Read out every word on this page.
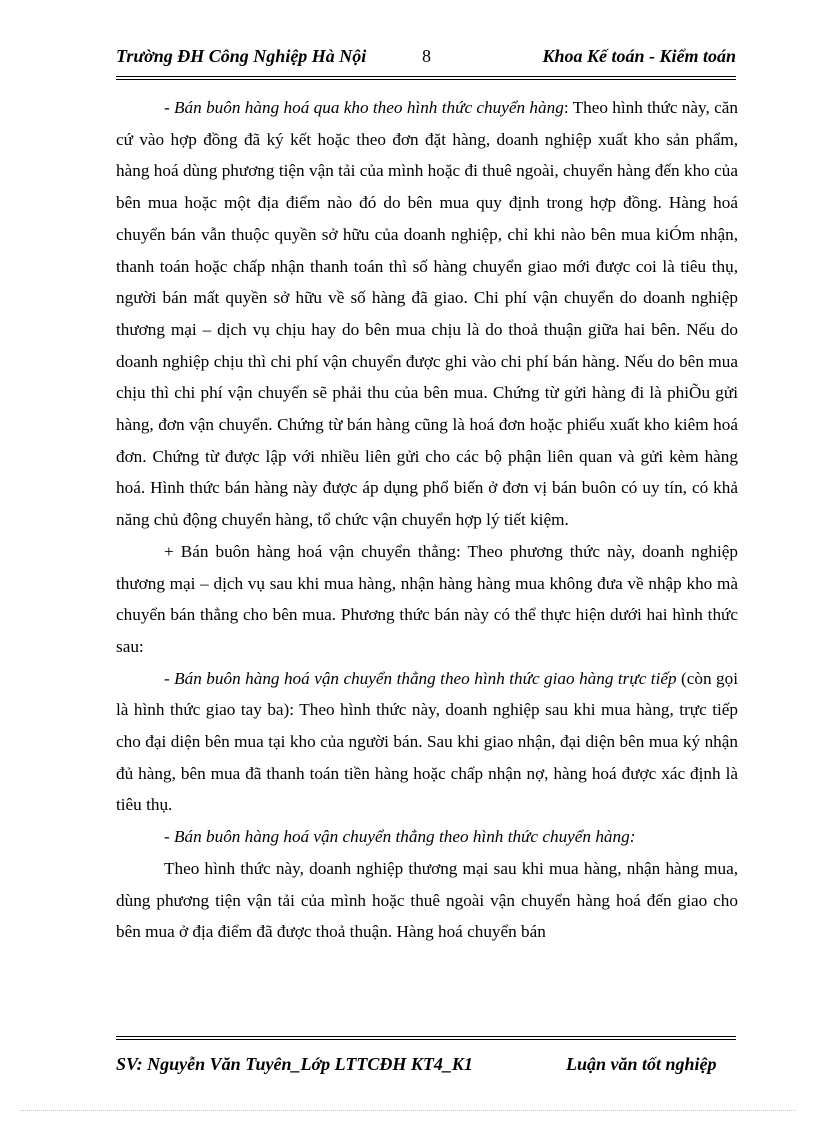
Trường ĐH Công Nghiệp Hà Nội	8	Khoa Kế toán - Kiểm toán

- Bán buôn hàng hoá qua kho theo hình thức chuyển hàng: Theo hình thức này, căn cứ vào hợp đồng đã ký kết hoặc theo đơn đặt hàng, doanh nghiệp xuất kho sản phẩm, hàng hoá dùng phương tiện vận tải của mình hoặc đi thuê ngoài, chuyển hàng đến kho của bên mua hoặc một địa điểm nào đó do bên mua quy định trong hợp đồng. Hàng hoá chuyển bán vẫn thuộc quyền sở hữu của doanh nghiệp, chỉ khi nào bên mua kiÓm nhận, thanh toán hoặc chấp nhận thanh toán thì số hàng chuyển giao mới được coi là tiêu thụ, người bán mất quyền sở hữu về số hàng đã giao. Chi phí vận chuyển do doanh nghiệp thương mại – dịch vụ chịu hay do bên mua chịu là do thoả thuận giữa hai bên. Nếu do doanh nghiệp chịu thì chi phí vận chuyển được ghi vào chi phí bán hàng. Nếu do bên mua chịu thì chi phí vận chuyển sẽ phải thu của bên mua. Chứng từ gửi hàng đi là phiÕu gửi hàng, đơn vận chuyển. Chứng từ bán hàng cũng là hoá đơn hoặc phiếu xuất kho kiêm hoá đơn. Chứng từ được lập với nhiều liên gửi cho các bộ phận liên quan và gửi kèm hàng hoá. Hình thức bán hàng này được áp dụng phổ biến ở đơn vị bán buôn có uy tín, có khả năng chủ động chuyển hàng, tổ chức vận chuyển hợp lý tiết kiệm.

+ Bán buôn hàng hoá vận chuyển thẳng: Theo phương thức này, doanh nghiệp thương mại – dịch vụ sau khi mua hàng, nhận hàng hàng mua không đưa về nhập kho mà chuyển bán thẳng cho bên mua. Phương thức bán này có thể thực hiện dưới hai hình thức sau:

- Bán buôn hàng hoá vận chuyển thẳng theo hình thức giao hàng trực tiếp (còn gọi là hình thức giao tay ba): Theo hình thức này, doanh nghiệp sau khi mua hàng, trực tiếp cho đại diện bên mua tại kho của người bán. Sau khi giao nhận, đại diện bên mua ký nhận đủ hàng, bên mua đã thanh toán tiền hàng hoặc chấp nhận nợ, hàng hoá được xác định là tiêu thụ.

- Bán buôn hàng hoá vận chuyển thẳng theo hình thức chuyển hàng:

Theo hình thức này, doanh nghiệp thương mại sau khi mua hàng, nhận hàng mua, dùng phương tiện vận tải của mình hoặc thuê ngoài vận chuyển hàng hoá đến giao cho bên mua ở địa điểm đã được thoả thuận. Hàng hoá chuyển bán

SV: Nguyễn Văn Tuyên_Lớp LTTCĐH KT4_K1	Luận văn tốt nghiệp
